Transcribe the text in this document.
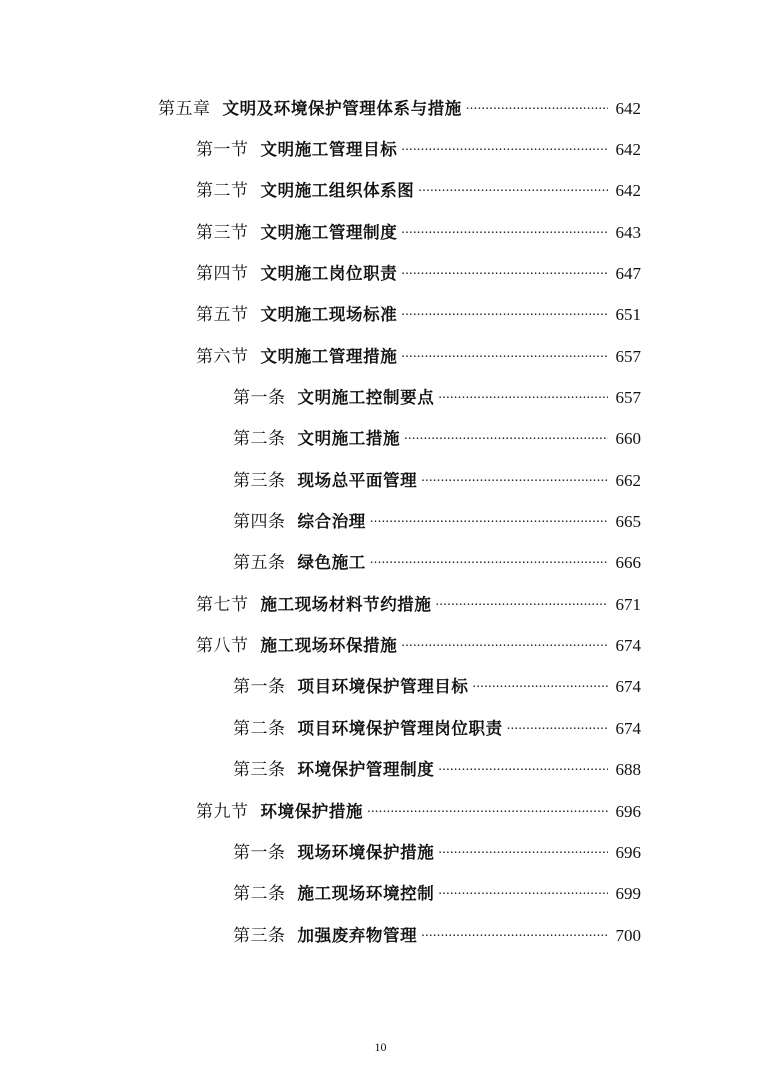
第五章 文明及环境保护管理体系与措施 .....	642
第一节 文明施工管理目标 .....	642
第二节 文明施工组织体系图 .....	642
第三节 文明施工管理制度 .....	643
第四节 文明施工岗位职责 .....	647
第五节 文明施工现场标准 .....	651
第六节 文明施工管理措施 .....	657
第一条 文明施工控制要点 .....	657
第二条 文明施工措施 .....	660
第三条 现场总平面管理 .....	662
第四条 综合治理 .....	665
第五条 绿色施工 .....	666
第七节 施工现场材料节约措施 .....	671
第八节 施工现场环保措施 .....	674
第一条 项目环境保护管理目标 .....	674
第二条 项目环境保护管理岗位职责 .....	674
第三条 环境保护管理制度 .....	688
第九节 环境保护措施 .....	696
第一条 现场环境保护措施 .....	696
第二条 施工现场环境控制 .....	699
第三条 加强废弃物管理 .....	700
10
